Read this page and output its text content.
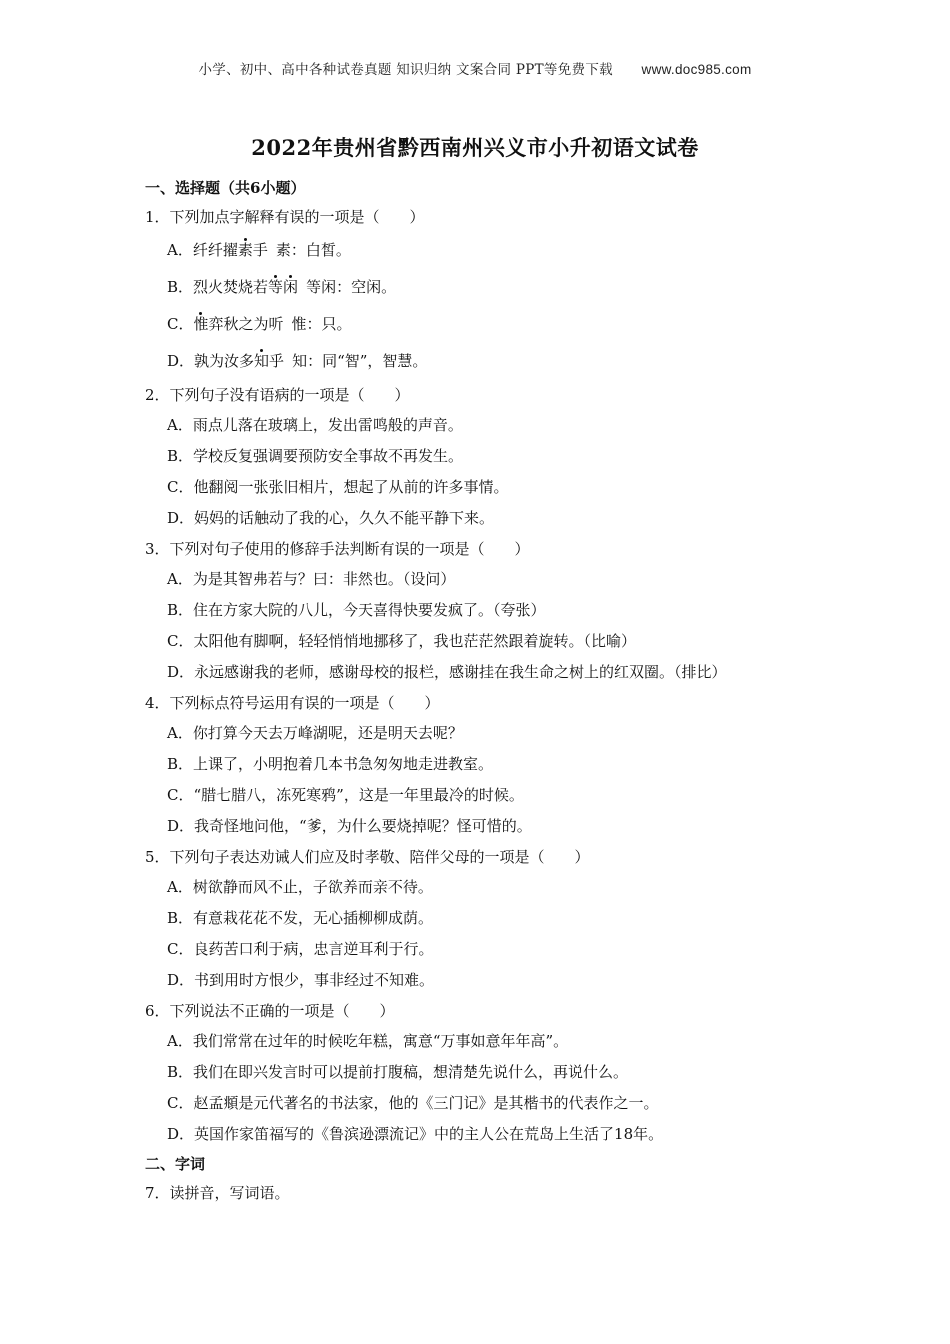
小学、初中、高中各种试卷真题 知识归纳 文案合同 PPT等免费下载 www.doc985.com
2022年贵州省黔西南州兴义市小升初语文试卷
一、选择题（共6小题）
1．下列加点字解释有误的一项是（　　）
A．纤纤擢素手 素：白皙。
B．烈火焚烧若等闲 等闲：空闲。
C．惟弈秋之为听 惟：只。
D．孰为汝多知乎 知：同“智”，智慧。
2．下列句子没有语病的一项是（　　）
A．雨点儿落在玻璃上，发出雷鸣般的声音。
B．学校反复强调要预防安全事故不再发生。
C．他翻阅一张张旧相片，想起了从前的许多事情。
D．妈妈的话触动了我的心，久久不能平静下来。
3．下列对句子使用的修辞手法判断有误的一项是（　　）
A．为是其智弗若与？曰：非然也。（设问）
B．住在方家大院的八儿，今天喜得快要发疯了。（夸张）
C．太阳他有脚啊，轻轻悄悄地挪移了，我也茫茫然跟着旋转。（比喻）
D．永远感谢我的老师，感谢母校的报栏，感谢挂在我生命之树上的红双圈。（排比）
4．下列标点符号运用有误的一项是（　　）
A．你打算今天去万峰湖呢，还是明天去呢？
B．上课了，小明抱着几本书急匆匆地走进教室。
C．“腊七腊八，冻死寒鸦”，这是一年里最冷的时候。
D．我奇怪地问他，“爹，为什么要烧掉呢？怪可惜的。
5．下列句子表达劝诫人们应及时孝敬、陪伴父母的一项是（　　）
A．树欲静而风不止，子欲养而亲不待。
B．有意栽花花不发，无心插柳柳成荫。
C．良药苦口利于病，忠言逆耳利于行。
D．书到用时方恨少，事非经过不知难。
6．下列说法不正确的一项是（　　）
A．我们常常在过年的时候吃年糕，寓意“万事如意年年高”。
B．我们在即兴发言时可以提前打腹稿，想清楚先说什么，再说什么。
C．赵孟頫是元代著名的书法家，他的《三门记》是其楷书的代表作之一。
D．英国作家笛福写的《鲁滨逊漂流记》中的主人公在荒岛上生活了18年。
二、字词
7．读拼音，写词语。
